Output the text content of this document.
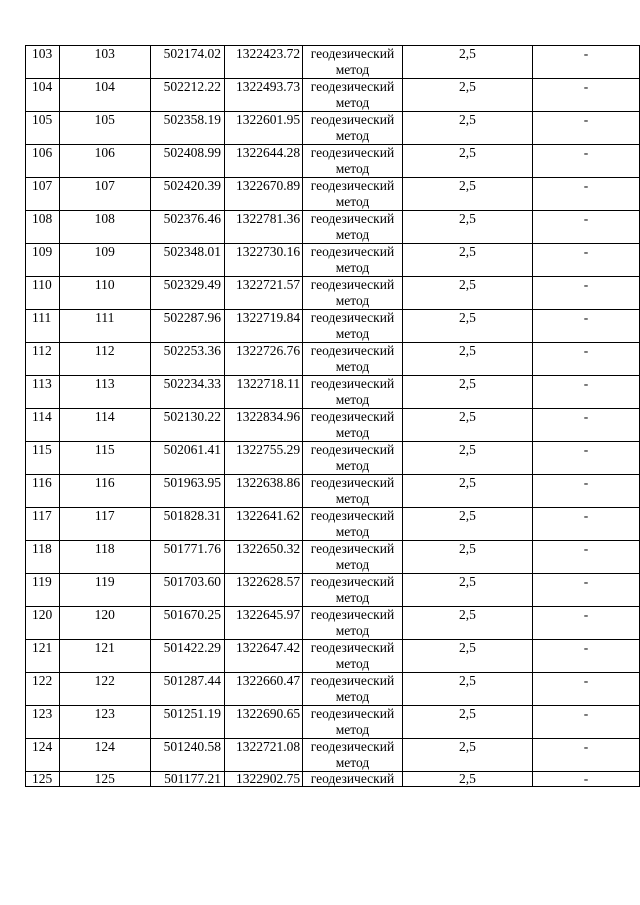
103	103	502174.02	1322423.72	геодезический
метод	2,5	-
104	104	502212.22	1322493.73	геодезический
метод	2,5	-
105	105	502358.19	1322601.95	геодезический
метод	2,5	-
106	106	502408.99	1322644.28	геодезический
метод	2,5	-
107	107	502420.39	1322670.89	геодезический
метод	2,5	-
108	108	502376.46	1322781.36	геодезический
метод	2,5	-
109	109	502348.01	1322730.16	геодезический
метод	2,5	-
110	110	502329.49	1322721.57	геодезический
метод	2,5	-
111	111	502287.96	1322719.84	геодезический
метод	2,5	-
112	112	502253.36	1322726.76	геодезический
метод	2,5	-
113	113	502234.33	1322718.11	геодезический
метод	2,5	-
114	114	502130.22	1322834.96	геодезический
метод	2,5	-
115	115	502061.41	1322755.29	геодезический
метод	2,5	-
116	116	501963.95	1322638.86	геодезический
метод	2,5	-
117	117	501828.31	1322641.62	геодезический
метод	2,5	-
118	118	501771.76	1322650.32	геодезический
метод	2,5	-
119	119	501703.60	1322628.57	геодезический
метод	2,5	-
120	120	501670.25	1322645.97	геодезический
метод	2,5	-
121	121	501422.29	1322647.42	геодезический
метод	2,5	-
122	122	501287.44	1322660.47	геодезический
метод	2,5	-
123	123	501251.19	1322690.65	геодезический
метод	2,5	-
124	124	501240.58	1322721.08	геодезический
метод	2,5	-
125	125	501177.21	1322902.75	геодезический	2,5	-
